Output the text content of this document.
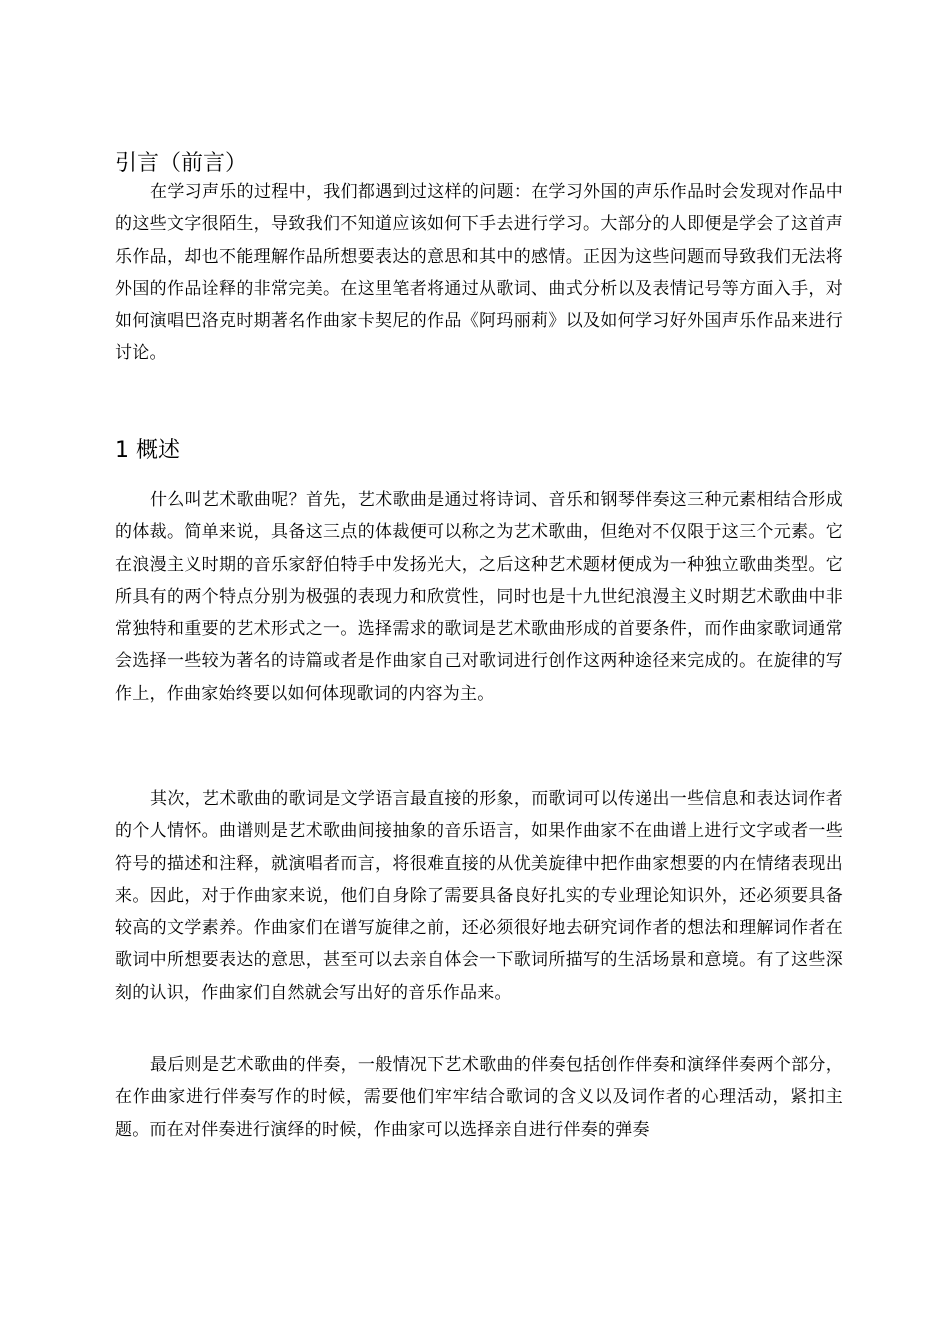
引言（前言）

在学习声乐的过程中，我们都遇到过这样的问题：在学习外国的声乐作品时会发现对作品中的这些文字很陌生，导致我们不知道应该如何下手去进行学习。大部分的人即便是学会了这首声乐作品，却也不能理解作品所想要表达的意思和其中的感情。正因为这些问题而导致我们无法将外国的作品诠释的非常完美。在这里笔者将通过从歌词、曲式分析以及表情记号等方面入手，对如何演唱巴洛克时期著名作曲家卡契尼的作品《阿玛丽莉》以及如何学习好外国声乐作品来进行讨论。

1 概述

什么叫艺术歌曲呢？首先，艺术歌曲是通过将诗词、音乐和钢琴伴奏这三种元素相结合形成的体裁。简单来说，具备这三点的体裁便可以称之为艺术歌曲，但绝对不仅限于这三个元素。它在浪漫主义时期的音乐家舒伯特手中发扬光大，之后这种艺术题材便成为一种独立歌曲类型。它所具有的两个特点分别为极强的表现力和欣赏性，同时也是十九世纪浪漫主义时期艺术歌曲中非常独特和重要的艺术形式之一。选择需求的歌词是艺术歌曲形成的首要条件，而作曲家歌词通常会选择一些较为著名的诗篇或者是作曲家自己对歌词进行创作这两种途径来完成的。在旋律的写作上，作曲家始终要以如何体现歌词的内容为主。

其次，艺术歌曲的歌词是文学语言最直接的形象，而歌词可以传递出一些信息和表达词作者的个人情怀。曲谱则是艺术歌曲间接抽象的音乐语言，如果作曲家不在曲谱上进行文字或者一些符号的描述和注释，就演唱者而言，将很难直接的从优美旋律中把作曲家想要的内在情绪表现出来。因此，对于作曲家来说，他们自身除了需要具备良好扎实的专业理论知识外，还必须要具备较高的文学素养。作曲家们在谱写旋律之前，还必须很好地去研究词作者的想法和理解词作者在歌词中所想要表达的意思，甚至可以去亲自体会一下歌词所描写的生活场景和意境。有了这些深刻的认识，作曲家们自然就会写出好的音乐作品来。

最后则是艺术歌曲的伴奏，一般情况下艺术歌曲的伴奏包括创作伴奏和演绎伴奏两个部分，在作曲家进行伴奏写作的时候，需要他们牢牢结合歌词的含义以及词作者的心理活动，紧扣主题。而在对伴奏进行演绎的时候，作曲家可以选择亲自进行伴奏的弹奏
